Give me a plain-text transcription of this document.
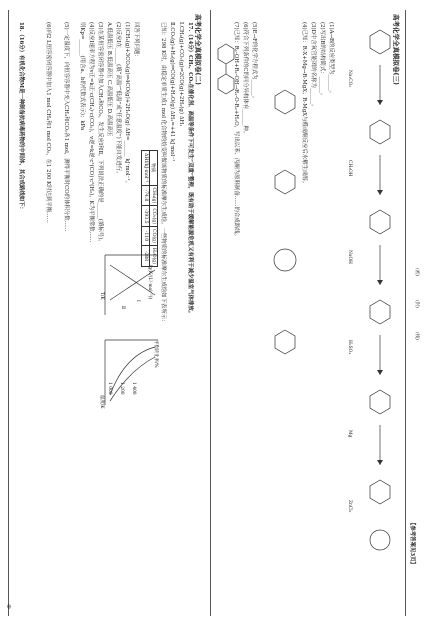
高考化学全真模拟卷(二)	高考化学全真模拟卷(三)
(密)
(封)
(线)
【参考答案见3页】
⑧
17.（14分）CH₄、CO₂在催化剂、高温等条件下可发生“双重”整理，既有助于缓解能源危机又有利于减少温室气体排放。
Ⅰ.CH₄(g)+CO₂(g)⇌2CO(g)+2H₂(g) ΔH₁
Ⅱ.CO₂(g)+H₂(g)⇌CO(g)+H₂O(g) ΔH₂=+41 kJ·mol⁻¹
已知：298 K时，由稳定单质生成1 mol 化合物的焓变叫做该物质的标准摩尔生成焓。一些物质的标准摩尔生成焓如下表所示：
物质	CH₄(g)	CO₂(g)	CO(g)	H₂O(g)
ΔHf/kJ·mol⁻¹	-74.8	-393.5	-110	-288
回答下列问题：
(1)CH₄(g)+3CO₂(g)⇌4CO(g)+2H₂O(g) ΔH=______ kJ·mol⁻¹。
(2)反应Ⅰ在______(填“高温”“低温”或“任意温度”)下能自发进行。
A.低温低压 B.低温高压 C.高温低压 D.高温高压
(3)在某恒容密闭容器中加入CH₄和CO₂，发生反应Ⅰ和Ⅱ，下列说法正确的是______(填标号)。
(4)反应Ⅰ速率方程为v正=k正·c(CH₄)·c(CO₂)，v逆=k逆·c²(CO)·c²(H₂)，K为平衡常数……
则Kp=______(用含a、b的代数式表示)；kPa
lg(K/(L²·mol⁻²))
T/K
Ⅰ
Ⅱ
平衡转化率/%
温度/K
1 000 1 200 1 400
(5)一定温度下，向恒容容器中充入CH₄和CO₂各1 mol，测得平衡时CO的体积分数……
(6)向2 L恒容密闭容器中加入1 mol CH₄和1 mol CO₂，在1 200 K时达到平衡……
18.（16分）有机化合物M是一种制备抗病毒药物的中间体，其合成路线如下：	Na₂CO₃
CH₃OH
NaOH
H₂SO₄
Mg
ZnCl₂
(1)A→B的反应类型为______。
(2)写出B的结构简式：______。
(3)D中含氧官能团的名称为______。
(4)已知：R-X+Mg→R-MgX；R-MgX与醛或酮反应后水解生成醇。
(5)E→F的化学方程式为______。
(6)符合下列条件的C的同分异构体有______种。
(7)已知：R₁-OH+R₂-OH→R₁-O-R₂+H₂O，写出以苯、丙酮为原料制备……的合成路线。
